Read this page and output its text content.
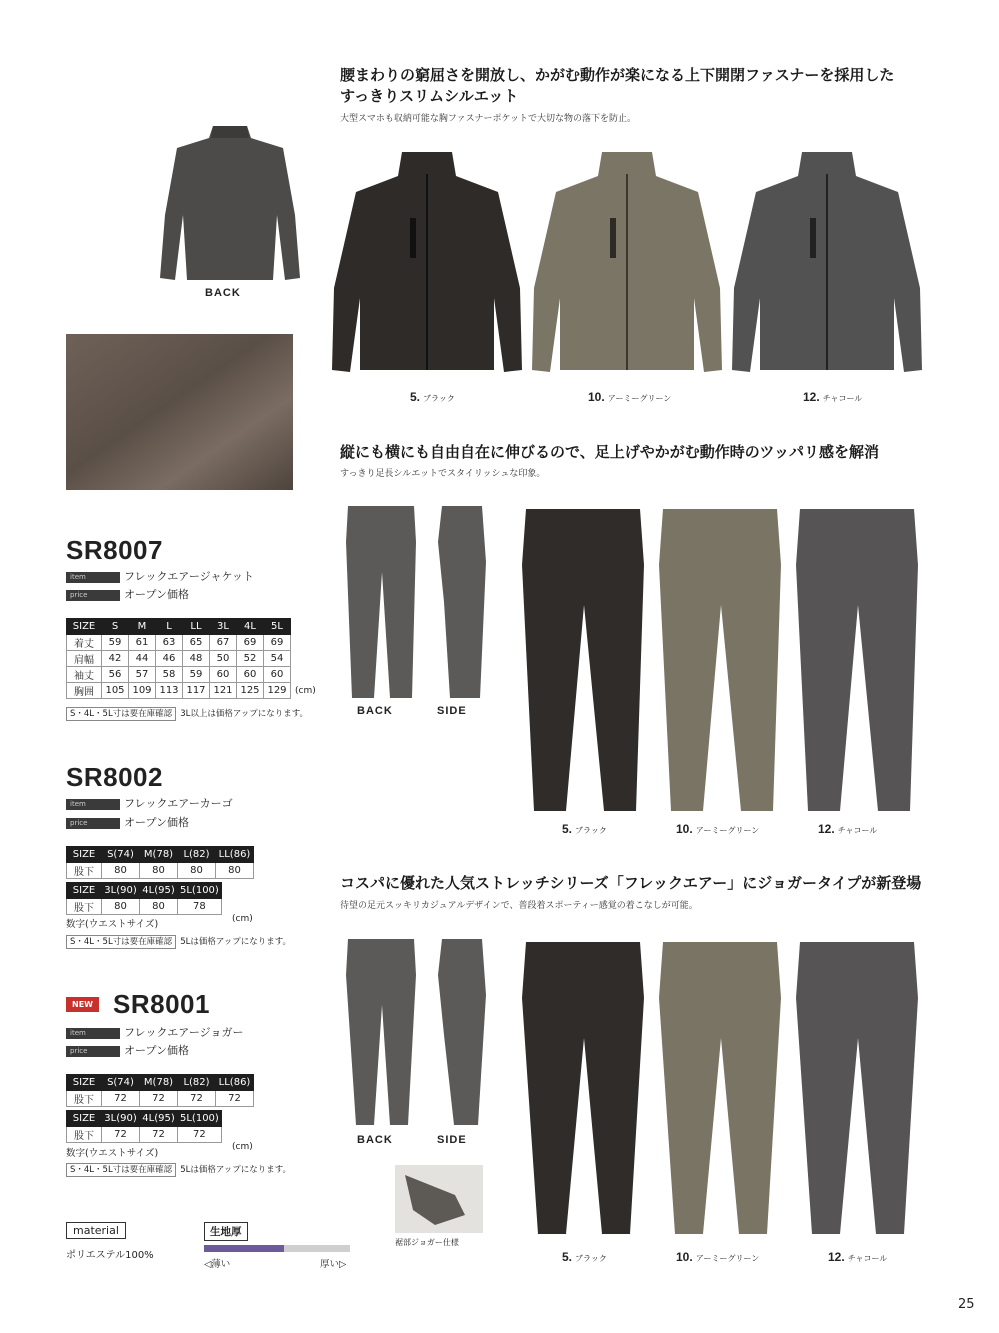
腰まわりの窮屈さを開放し、かがむ動作が楽になる上下開閉ファスナーを採用した
すっきりスリムシルエット
大型スマホも収納可能な胸ファスナーポケットで大切な物の落下を防止。
BACK
5. ブラック	10. アーミーグリーン	12. チャコール
SR8007
item	フレックエアージャケット
price	オープン価格
SIZE	S	M	L	LL	3L	4L	5L
着丈	59	61	63	65	67	69	69
肩幅	42	44	46	48	50	52	54
袖丈	56	57	58	59	60	60	60
胸囲	105	109	113	117	121	125	129 (cm)
S・4L・5L寸は要在庫確認 3L以上は価格アップになります。
縦にも横にも自由自在に伸びるので、足上げやかがむ動作時のツッパリ感を解消
すっきり足長シルエットでスタイリッシュな印象。
BACK	SIDE
5. ブラック	10. アーミーグリーン	12. チャコール
SR8002
item	フレックエアーカーゴ
price	オープン価格
SIZE	S(74)	M(78)	L(82)	LL(86)
股下	80	80	80	80
SIZE	3L(90)	4L(95)	5L(100)
股下	80	80	78
数字(ウエストサイズ)	(cm)
S・4L・5L寸は要在庫確認 5Lは価格アップになります。
コスパに優れた人気ストレッチシリーズ「フレックエアー」にジョガータイプが新登場
待望の足元スッキリカジュアルデザインで、普段着スポーティー感覚の着こなしが可能。
BACK	SIDE
裾部ジョガー仕様
5. ブラック	10. アーミーグリーン	12. チャコール
NEW SR8001
item	フレックエアージョガー
price	オープン価格
SIZE	S(74)	M(78)	L(82)	LL(86)
股下	72	72	72	72
SIZE	3L(90)	4L(95)	5L(100)
股下	72	72	72
数字(ウエストサイズ)
(cm)
S・4L・5L寸は要在庫確認 5Lは価格アップになります。
material
ポリエステル100%
生地厚
◁薄い	厚い▷
25
